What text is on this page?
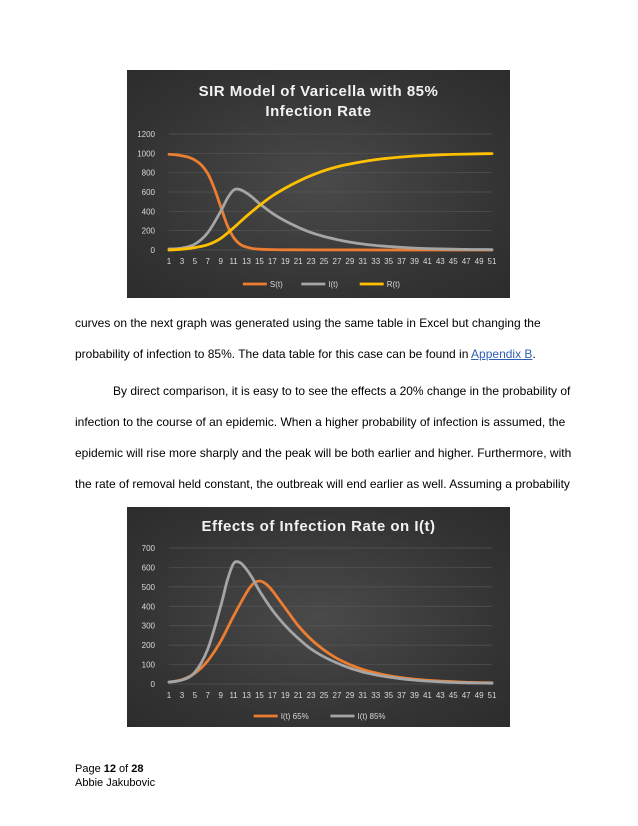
SIR Model of Varicella with 85%
Infection Rate
0
200
400
600
800
1000
1200
1 3 5 7 9 11 13 15 17 19 21 23 25 27 29 31 33 35 37 39 41 43 45 47 49 51
S(t)	I(t)	R(t)
curves on the next graph was generated using the same table in Excel but changing the
probability of infection to 85%. The data table for this case can be found in Appendix B.
By direct comparison, it is easy to to see the effects a 20% change in the probability of
infection to the course of an epidemic. When a higher probability of infection is assumed, the
epidemic will rise more sharply and the peak will be both earlier and higher. Furthermore, with
the rate of removal held constant, the outbreak will end earlier as well. Assuming a probability
Effects of Infection Rate on I(t)
0
100
200
300
400
500
600
700
1 3 5 7 9 11 13 15 17 19 21 23 25 27 29 31 33 35 37 39 41 43 45 47 49 51
I(t) 65%	I(t) 85%
Page 12 of 28
Abbie Jakubovic
